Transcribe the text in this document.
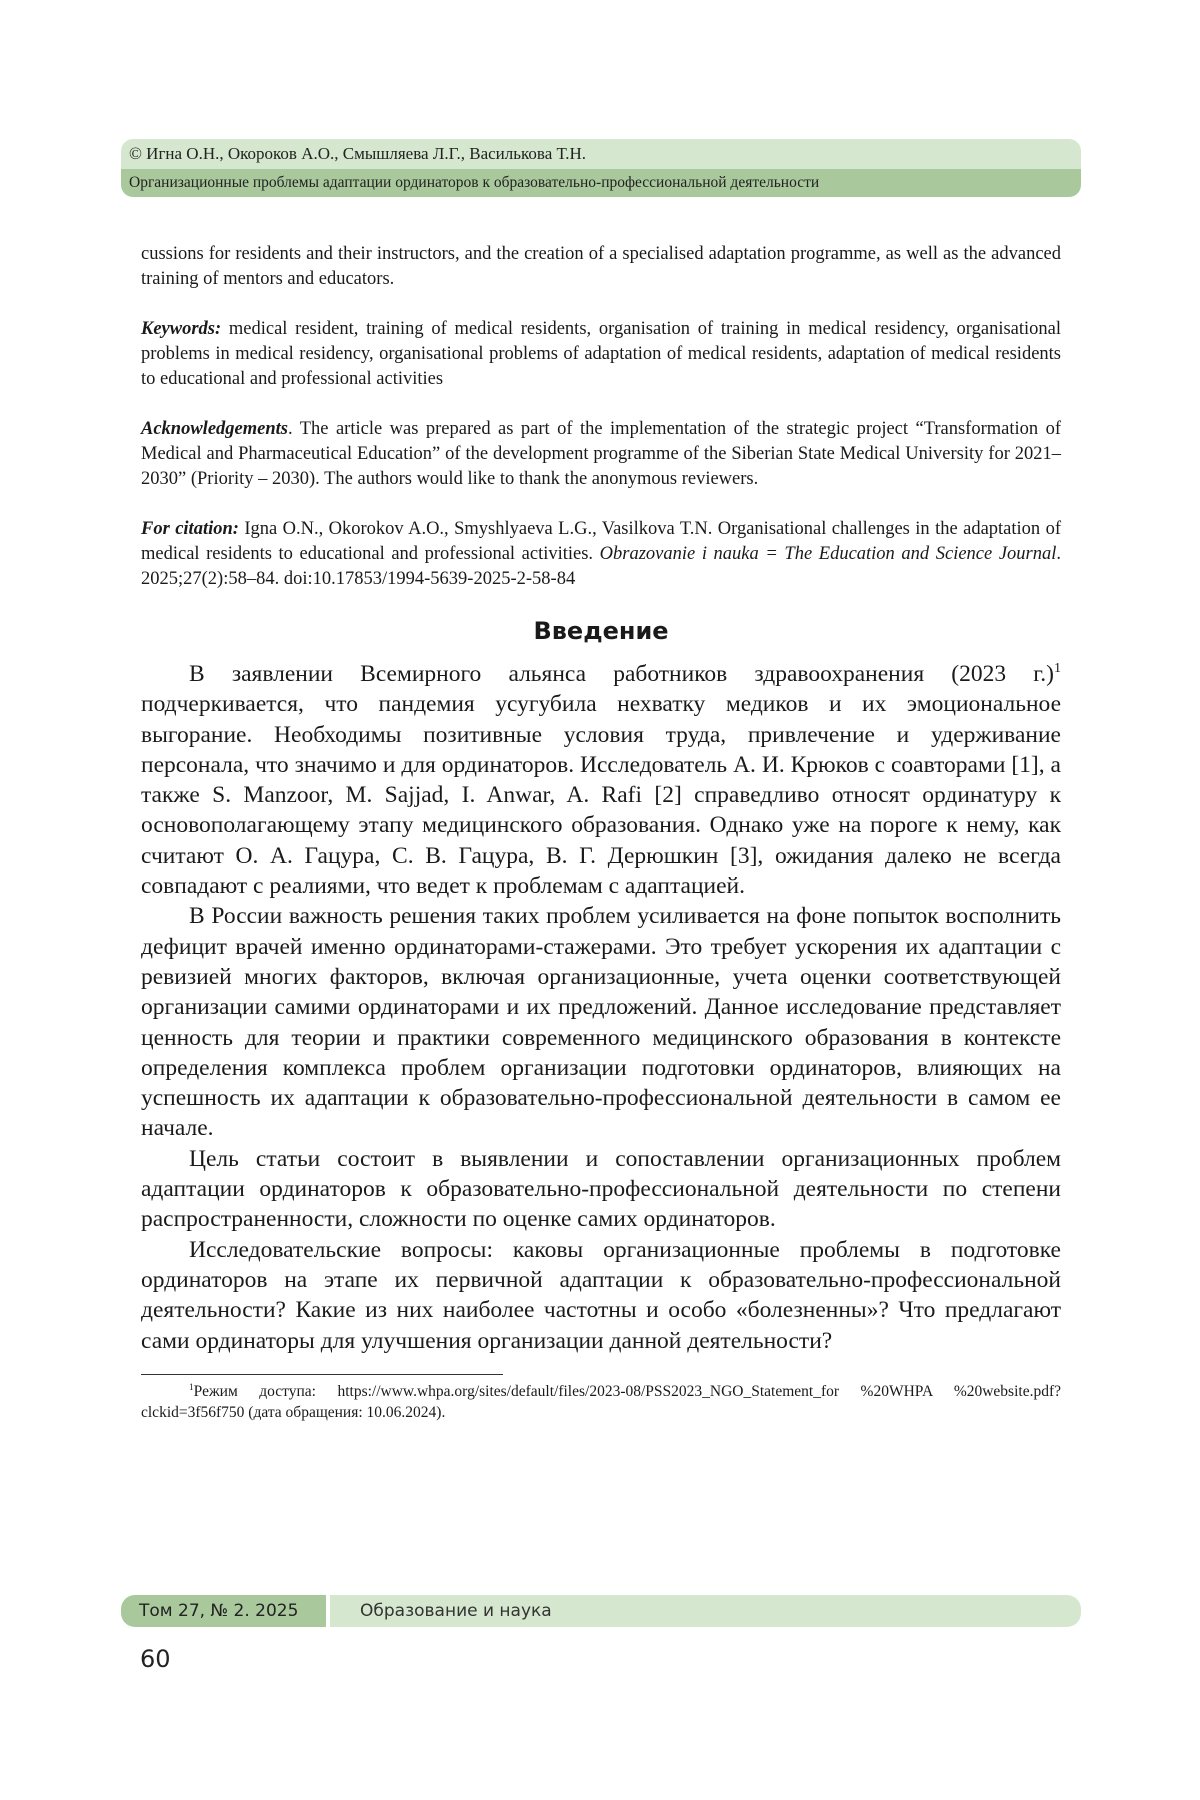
© Игна О.Н., Окороков А.О., Смышляева Л.Г., Василькова Т.Н.
Организационные проблемы адаптации ординаторов к образовательно-профессиональной деятельности

cussions for residents and their instructors, and the creation of a specialised adaptation programme, as well as the advanced training of mentors and educators.

Keywords: medical resident, training of medical residents, organisation of training in medical residency, organisational problems in medical residency, organisational problems of adaptation of medical residents, adaptation of medical residents to educational and professional activities

Acknowledgements. The article was prepared as part of the implementation of the strategic project “Transformation of Medical and Pharmaceutical Education” of the development programme of the Siberian State Medical University for 2021–2030” (Priority – 2030). The authors would like to thank the anonymous reviewers.

For citation: Igna O.N., Okorokov A.O., Smyshlyaeva L.G., Vasilkova T.N. Organisational challenges in the adaptation of medical residents to educational and professional activities. Obrazovanie i nauka = The Education and Science Journal. 2025;27(2):58–84. doi:10.17853/1994-5639-2025-2-58-84

Введение

В заявлении Всемирного альянса работников здравоохранения (2023 г.)$^1$ подчеркивается, что пандемия усугубила нехватку медиков и их эмоциональное выгорание. Необходимы позитивные условия труда, привлечение и удерживание персонала, что значимо и для ординаторов. Исследователь А. И. Крюков с соавторами [1], а также S. Manzoor, M. Sajjad, I. Anwar, A. Rafi [2] справедливо относят ординатуру к основополагающему этапу медицинского образования. Однако уже на пороге к нему, как считают О. А. Гацура, С. В. Гацура, В. Г. Дерюшкин [3], ожидания далеко не всегда совпадают с реалиями, что ведет к проблемам с адаптацией.

В России важность решения таких проблем усиливается на фоне попыток восполнить дефицит врачей именно ординаторами-стажерами. Это требует ускорения их адаптации с ревизией многих факторов, включая организационные, учета оценки соответствующей организации самими ординаторами и их предложений. Данное исследование представляет ценность для теории и практики современного медицинского образования в контексте определения комплекса проблем организации подготовки ординаторов, влияющих на успешность их адаптации к образовательно-профессиональной деятельности в самом ее начале.

Цель статьи состоит в выявлении и сопоставлении организационных проблем адаптации ординаторов к образовательно-профессиональной деятельности по степени распространенности, сложности по оценке самих ординаторов.

Исследовательские вопросы: каковы организационные проблемы в подготовке ординаторов на этапе их первичной адаптации к образовательно-профессиональной деятельности? Какие из них наиболее частотны и особо «болезненны»? Что предлагают сами ординаторы для улучшения организации данной деятельности?

$^1$Режим доступа: https://www.whpa.org/sites/default/files/2023-08/PSS2023_NGO_Statement_for %20WHPA %20website.pdf?clckid=3f56f750 (дата обращения: 10.06.2024).

Том 27, № 2. 2025	Образование и наука
60
